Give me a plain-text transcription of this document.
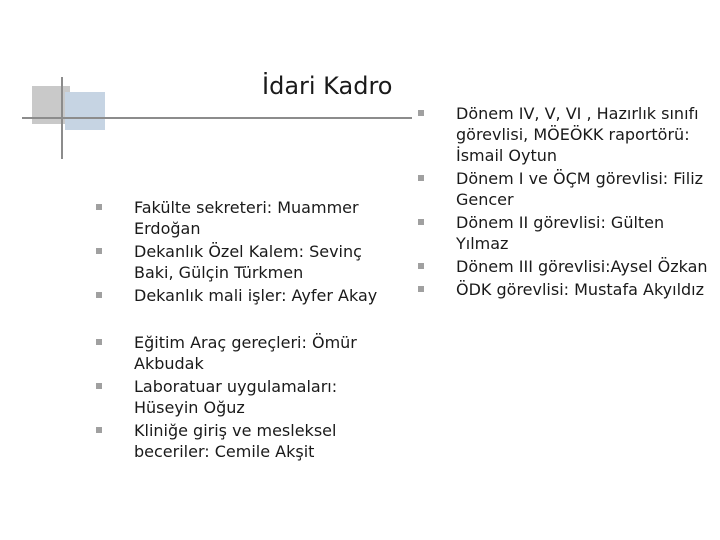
İdari Kadro
Fakülte sekreteri: Muammer Erdoğan
Dekanlık Özel Kalem: Sevinç Baki, Gülçin Türkmen
Dekanlık mali işler: Ayfer Akay
Eğitim Araç gereçleri: Ömür Akbudak
Laboratuar uygulamaları: Hüseyin Oğuz
Kliniğe giriş ve mesleksel beceriler: Cemile Akşit
Dönem IV, V, VI , Hazırlık sınıfı görevlisi, MÖEÖKK raportörü: İsmail Oytun
Dönem I ve ÖÇM görevlisi: Filiz Gencer
Dönem II görevlisi: Gülten Yılmaz
Dönem III görevlisi:Aysel Özkan
ÖDK görevlisi: Mustafa Akyıldız
